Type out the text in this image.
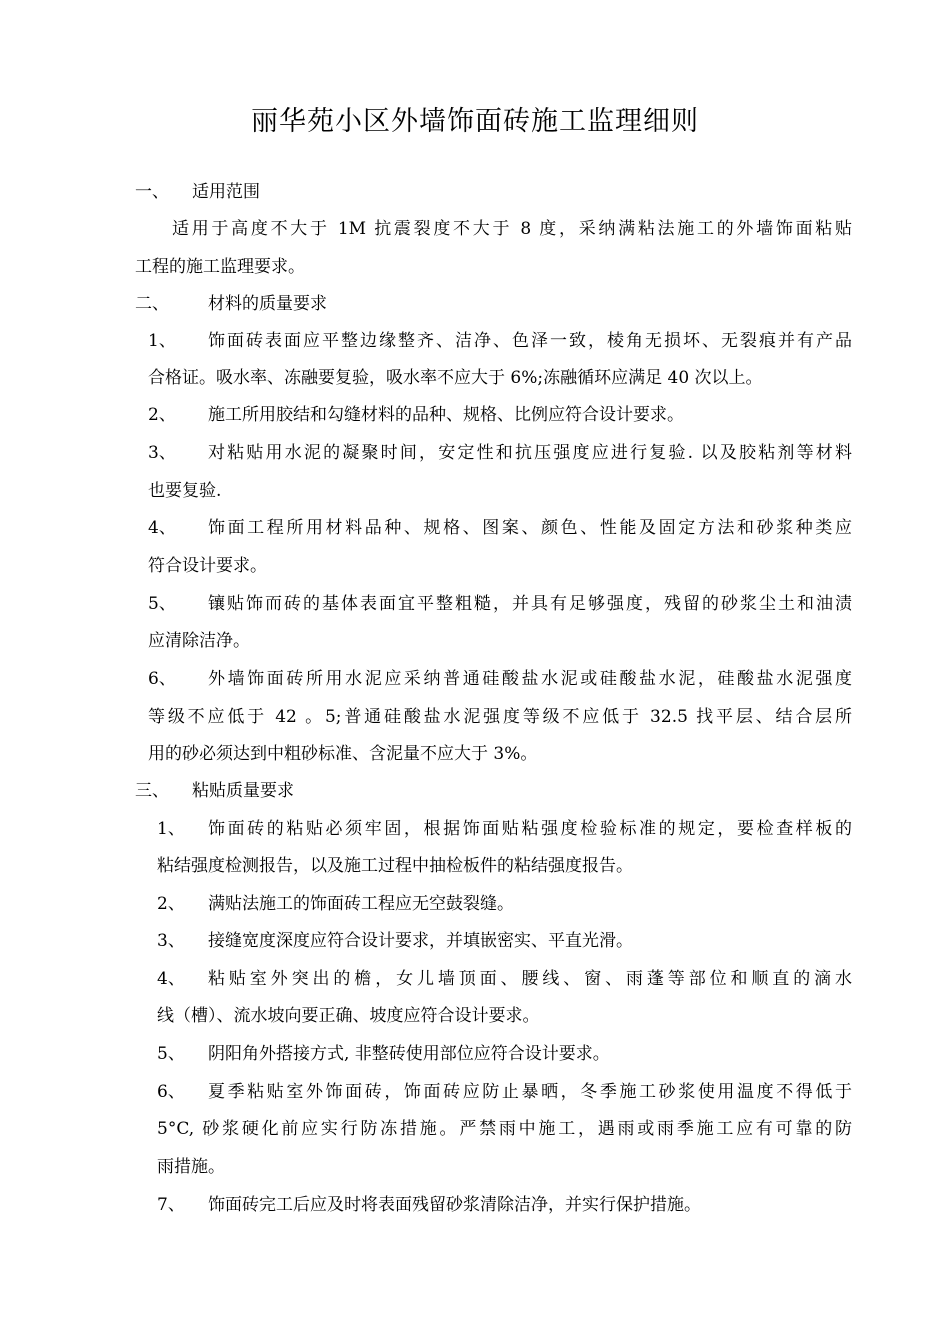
丽华苑小区外墙饰面砖施工监理细则
一、 适用范围
适用于高度不大于 1M 抗震裂度不大于 8 度，采纳满粘法施工的外墙饰面粘贴
工程的施工监理要求。
二、 材料的质量要求
1、 饰面砖表面应平整边缘整齐、洁净、色泽一致，棱角无损坏、无裂痕并有产品
合格证。吸水率、冻融要复验，吸水率不应大于 6%;冻融循环应满足 40 次以上。
2、 施工所用胶结和勾缝材料的品种、规格、比例应符合设计要求。
3、 对粘贴用水泥的凝聚时间，安定性和抗压强度应进行复验. 以及胶粘剂等材料
也要复验.
4、 饰面工程所用材料品种、规格、图案、颜色、性能及固定方法和砂浆种类应
符合设计要求。
5、 镶贴饰而砖的基体表面宜平整粗糙，并具有足够强度，残留的砂浆尘土和油渍
应清除洁净。
6、 外墙饰面砖所用水泥应采纳普通硅酸盐水泥或硅酸盐水泥，硅酸盐水泥强度
等级不应低于 42 。5;普通硅酸盐水泥强度等级不应低于 32.5 找平层、结合层所
用的砂必须达到中粗砂标准、含泥量不应大于 3%。
三、 粘贴质量要求
1、 饰面砖的粘贴必须牢固，根据饰面贴粘强度检验标准的规定，要检查样板的
粘结强度检测报告，以及施工过程中抽检板件的粘结强度报告。
2、 满贴法施工的饰面砖工程应无空鼓裂缝。
3、 接缝宽度深度应符合设计要求，并填嵌密实、平直光滑。
4、 粘贴室外突出的檐，女儿墙顶面、腰线、窗、雨蓬等部位和顺直的滴水
线（槽）、流水坡向要正确、坡度应符合设计要求。
5、 阴阳角外搭接方式, 非整砖使用部位应符合设计要求。
6、 夏季粘贴室外饰面砖，饰面砖应防止暴晒，冬季施工砂浆使用温度不得低于
5°C, 砂浆硬化前应实行防冻措施。严禁雨中施工，遇雨或雨季施工应有可靠的防
雨措施。
7、 饰面砖完工后应及时将表面残留砂浆清除洁净，并实行保护措施。
